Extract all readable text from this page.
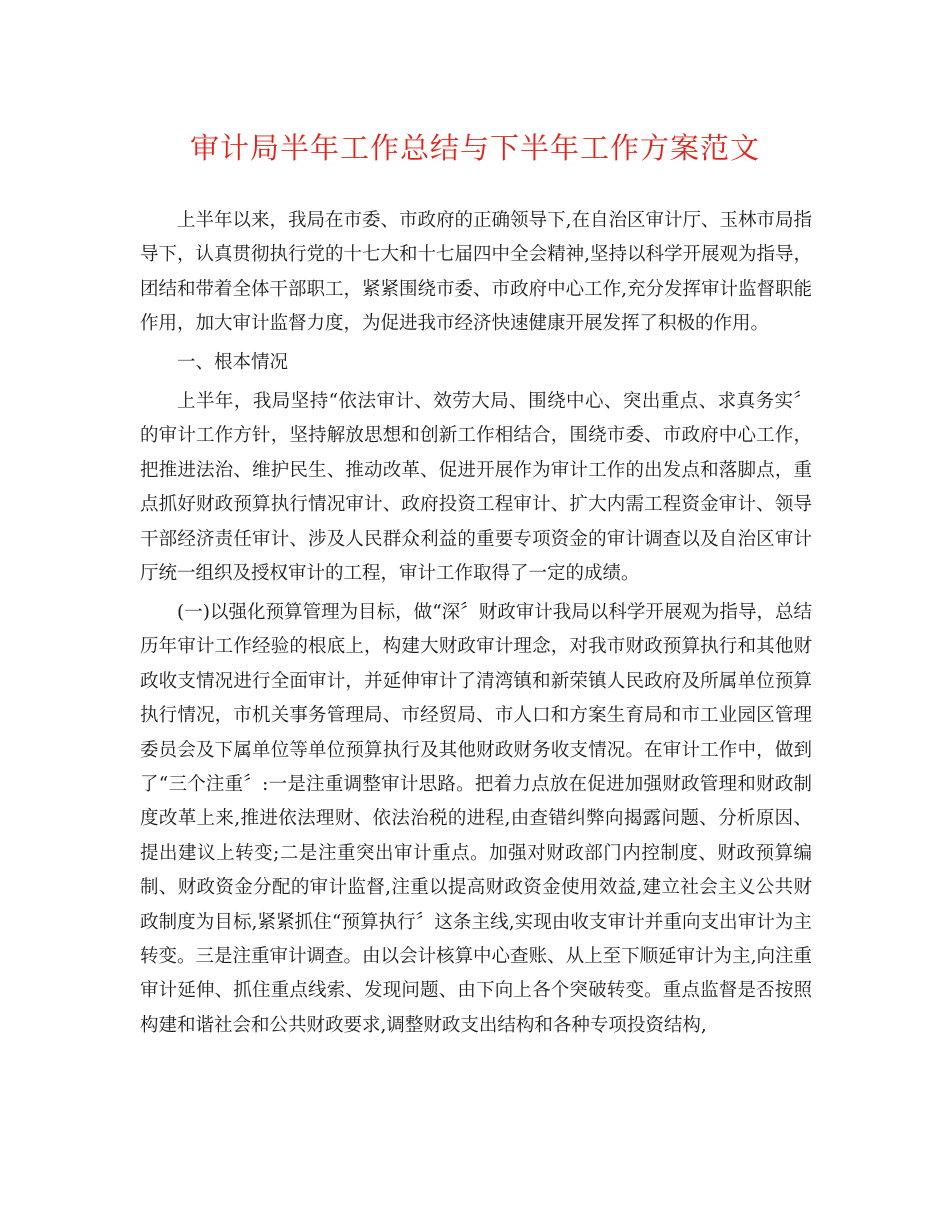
审计局半年工作总结与下半年工作方案范文

上半年以来，我局在市委、市政府的正确领导下,在自治区审计厅、玉林市局指导下，认真贯彻执行党的十七大和十七届四中全会精神,坚持以科学开展观为指导，团结和带着全体干部职工，紧紧围绕市委、市政府中心工作,充分发挥审计监督职能作用，加大审计监督力度，为促进我市经济快速健康开展发挥了积极的作用。

一、根本情况

上半年，我局坚持“依法审计、效劳大局、围绕中心、突出重点、求真务实〞的审计工作方针，坚持解放思想和创新工作相结合，围绕市委、市政府中心工作，把推进法治、维护民生、推动改革、促进开展作为审计工作的出发点和落脚点，重点抓好财政预算执行情况审计、政府投资工程审计、扩大内需工程资金审计、领导干部经济责任审计、涉及人民群众利益的重要专项资金的审计调查以及自治区审计厅统一组织及授权审计的工程，审计工作取得了一定的成绩。

(一)以强化预算管理为目标，做“深〞财政审计我局以科学开展观为指导，总结历年审计工作经验的根底上，构建大财政审计理念，对我市财政预算执行和其他财政收支情况进行全面审计，并延伸审计了清湾镇和新荣镇人民政府及所属单位预算执行情况，市机关事务管理局、市经贸局、市人口和方案生育局和市工业园区管理委员会及下属单位等单位预算执行及其他财政财务收支情况。在审计工作中，做到了“三个注重〞:一是注重调整审计思路。把着力点放在促进加强财政管理和财政制度改革上来,推进依法理财、依法治税的进程,由查错纠弊向揭露问题、分析原因、提出建议上转变;二是注重突出审计重点。加强对财政部门内控制度、财政预算编制、财政资金分配的审计监督,注重以提高财政资金使用效益,建立社会主义公共财政制度为目标,紧紧抓住“预算执行〞这条主线,实现由收支审计并重向支出审计为主转变。三是注重审计调查。由以会计核算中心查账、从上至下顺延审计为主,向注重审计延伸、抓住重点线索、发现问题、由下向上各个突破转变。重点监督是否按照构建和谐社会和公共财政要求,调整财政支出结构和各种专项投资结构,
